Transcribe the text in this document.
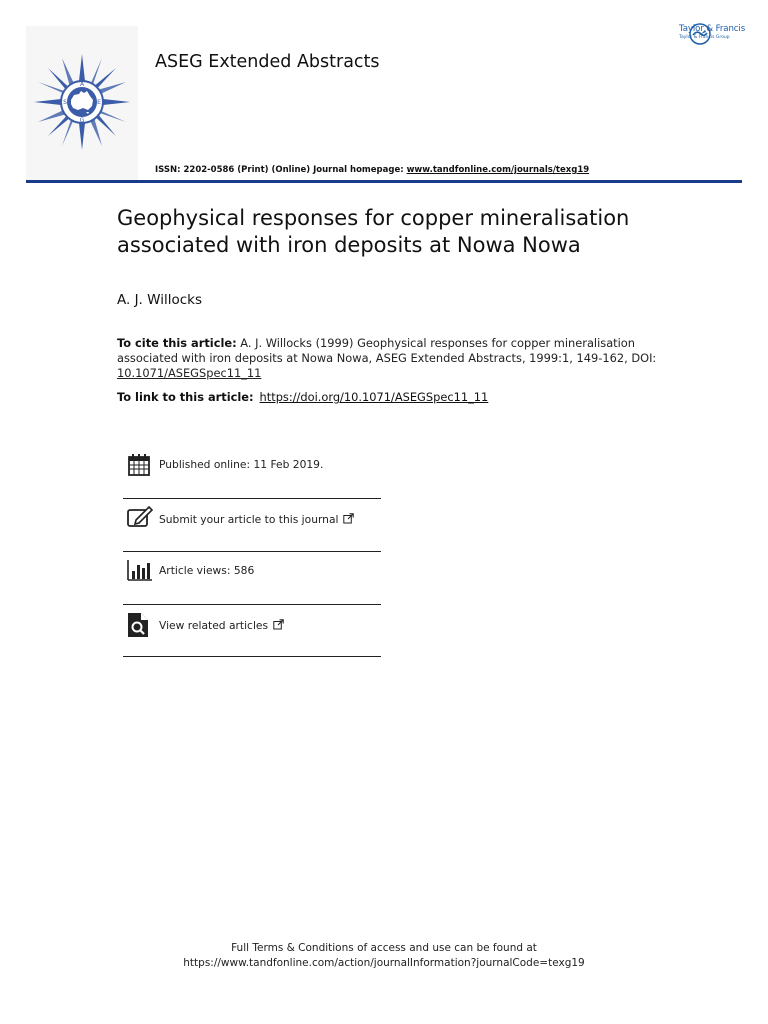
A
S	E
G
ASEG Extended Abstracts
Taylor & Francis
Taylor & Francis Group
ISSN: 2202-0586 (Print) (Online) Journal homepage: www.tandfonline.com/journals/texg19
Geophysical responses for copper mineralisation associated with iron deposits at Nowa Nowa
A. J. Willocks
To cite this article: A. J. Willocks (1999) Geophysical responses for copper mineralisation associated with iron deposits at Nowa Nowa, ASEG Extended Abstracts, 1999:1, 149-162, DOI: 10.1071/ASEGSpec11_11
To link to this article: https://doi.org/10.1071/ASEGSpec11_11
Published online: 11 Feb 2019.
Submit your article to this journal
Article views: 586
View related articles
Full Terms & Conditions of access and use can be found at
https://www.tandfonline.com/action/journalInformation?journalCode=texg19
